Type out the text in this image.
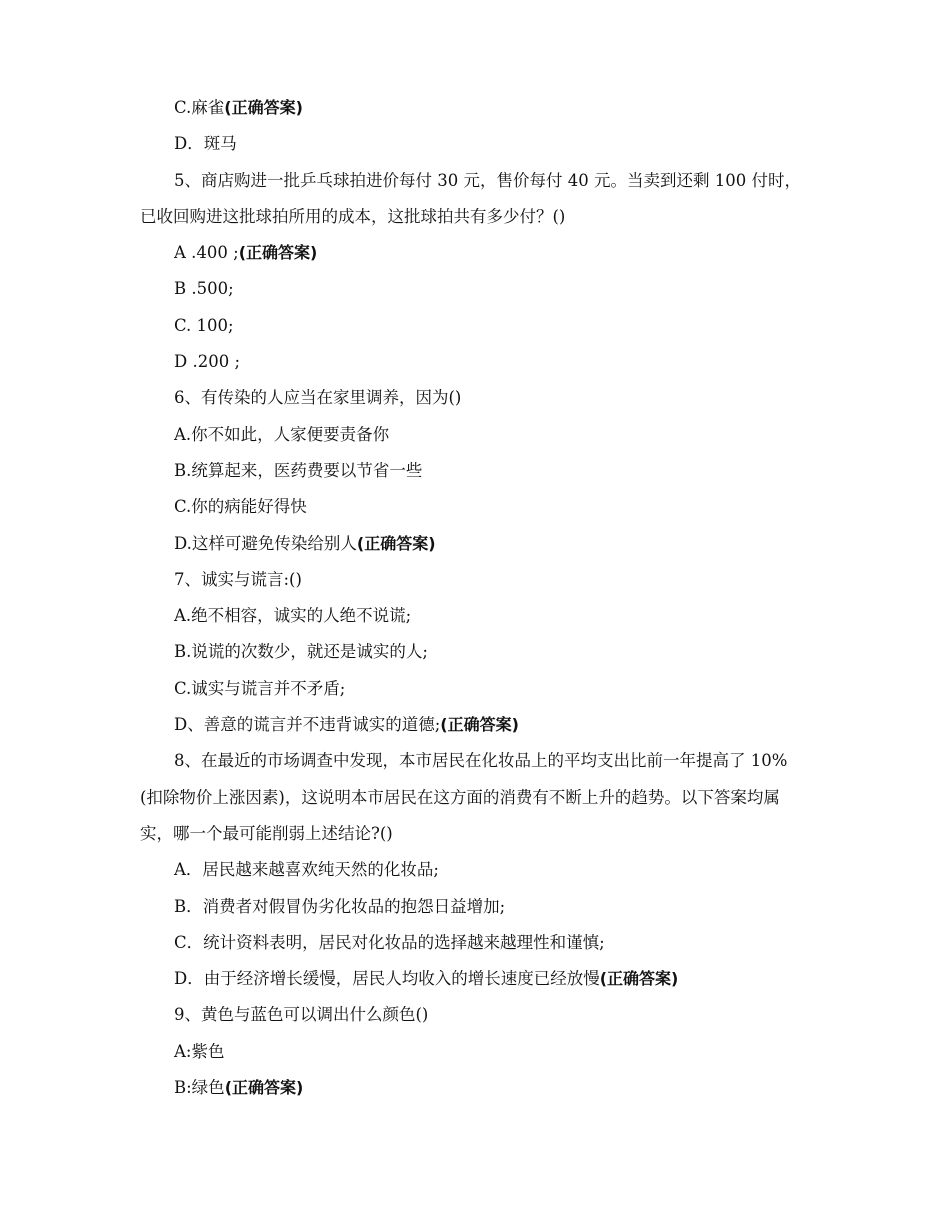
C.麻雀(正确答案)
D．斑马
5、商店购进一批乒乓球拍进价每付 30 元，售价每付 40 元。当卖到还剩 100 付时，已收回购进这批球拍所用的成本，这批球拍共有多少付？()
A .400 ;(正确答案)
B .500;
C. 100;
D .200 ;
6、有传染的人应当在家里调养，因为()
A.你不如此，人家便要责备你
B.统算起来，医药费要以节省一些
C.你的病能好得快
D.这样可避免传染给别人(正确答案)
7、诚实与谎言:()
A.绝不相容，诚实的人绝不说谎;
B.说谎的次数少，就还是诚实的人;
C.诚实与谎言并不矛盾;
D、善意的谎言并不违背诚实的道德;(正确答案)
8、在最近的市场调查中发现，本市居民在化妆品上的平均支出比前一年提高了 10%(扣除物价上涨因素)，这说明本市居民在这方面的消费有不断上升的趋势。以下答案均属实，哪一个最可能削弱上述结论?()
A．居民越来越喜欢纯天然的化妆品;
B．消费者对假冒伪劣化妆品的抱怨日益增加;
C．统计资料表明，居民对化妆品的选择越来越理性和谨慎;
D．由于经济增长缓慢，居民人均收入的增长速度已经放慢(正确答案)
9、黄色与蓝色可以调出什么颜色()
A:紫色
B:绿色(正确答案)
